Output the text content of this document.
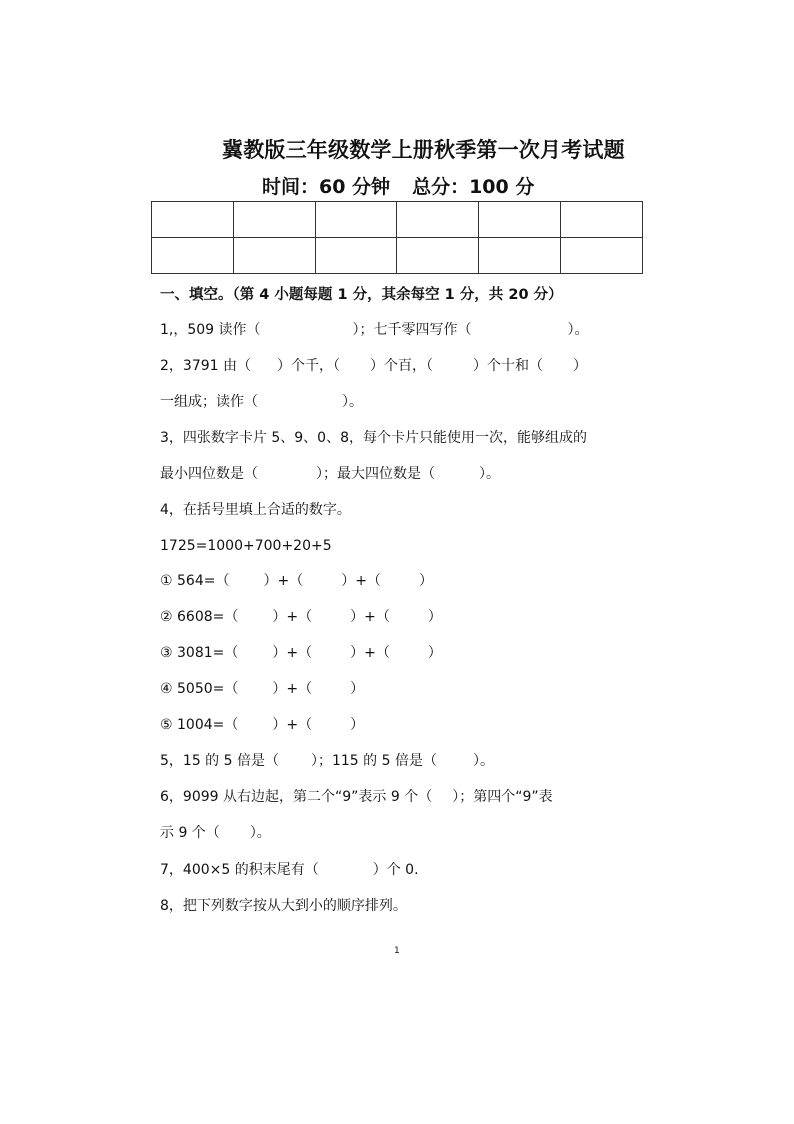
冀教版三年级数学上册秋季第一次月考试题
时间：60 分钟 总分：100 分

一、填空。（第 4 小题每题 1 分，其余每空 1 分，共 20 分）
1,，509 读作（	）；七千零四写作（	）。
2，3791 由（ ）个千，（ ）个百，（	）个十和（ ）
一组成；读作（	）。
3，四张数字卡片 5、9、0、8，每个卡片只能使用一次，能够组成的
最小四位数是（	）；最大四位数是（	）。
4，在括号里填上合适的数字。
1725=1000+700+20+5
① 564=（ ）+（	）+（	）
② 6608=（ ）+（	）+（	）
③ 3081=（ ）+（	）+（	）
④ 5050=（ ）+（	）
⑤ 1004=（ ）+（	）
5，15 的 5 倍是（ ）；115 的 5 倍是（	）。
6，9099 从右边起，第二个“9”表示 9 个（ ）；第四个“9”表
示 9 个（ ）。
7，400×5 的积末尾有（	）个 0.
8，把下列数字按从大到小的顺序排列。
1
